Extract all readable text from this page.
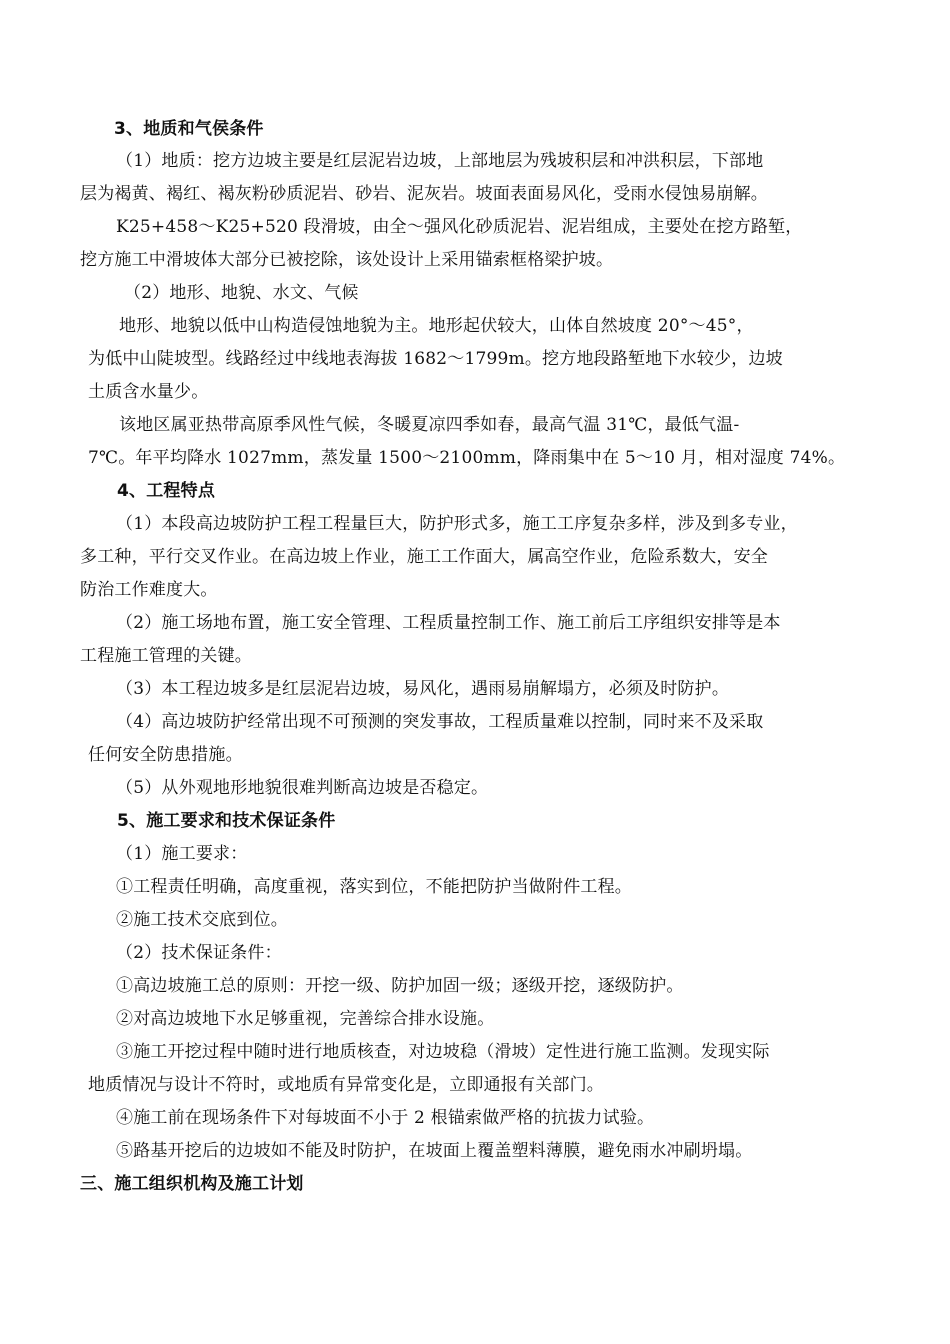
3、地质和气侯条件
（1）地质：挖方边坡主要是红层泥岩边坡，上部地层为残坡积层和冲洪积层，下部地
层为褐黄、褐红、褐灰粉砂质泥岩、砂岩、泥灰岩。坡面表面易风化，受雨水侵蚀易崩解。
K25+458～K25+520 段滑坡，由全～强风化砂质泥岩、泥岩组成，主要处在挖方路堑，
挖方施工中滑坡体大部分已被挖除，该处设计上采用锚索框格梁护坡。
（2）地形、地貌、水文、气候
地形、地貌以低中山构造侵蚀地貌为主。地形起伏较大，山体自然坡度 20°～45°，
为低中山陡坡型。线路经过中线地表海拔 1682～1799m。挖方地段路堑地下水较少，边坡
土质含水量少。
该地区属亚热带高原季风性气候，冬暖夏凉四季如春，最高气温 31℃，最低气温-
7℃。年平均降水 1027mm，蒸发量 1500～2100mm，降雨集中在 5～10 月，相对湿度 74%。
4、工程特点
（1）本段高边坡防护工程工程量巨大，防护形式多，施工工序复杂多样，涉及到多专业，
多工种，平行交叉作业。在高边坡上作业，施工工作面大，属高空作业，危险系数大，安全
防治工作难度大。
（2）施工场地布置，施工安全管理、工程质量控制工作、施工前后工序组织安排等是本
工程施工管理的关键。
（3）本工程边坡多是红层泥岩边坡，易风化，遇雨易崩解塌方，必须及时防护。
（4）高边坡防护经常出现不可预测的突发事故，工程质量难以控制，同时来不及采取
任何安全防患措施。
（5）从外观地形地貌很难判断高边坡是否稳定。
5、施工要求和技术保证条件
（1）施工要求：
①工程责任明确，高度重视，落实到位，不能把防护当做附件工程。
②施工技术交底到位。
（2）技术保证条件：
①高边坡施工总的原则：开挖一级、防护加固一级；逐级开挖，逐级防护。
②对高边坡地下水足够重视，完善综合排水设施。
③施工开挖过程中随时进行地质核查，对边坡稳（滑坡）定性进行施工监测。发现实际
地质情况与设计不符时，或地质有异常变化是，立即通报有关部门。
④施工前在现场条件下对每坡面不小于 2 根锚索做严格的抗拔力试验。
⑤路基开挖后的边坡如不能及时防护，在坡面上覆盖塑料薄膜，避免雨水冲刷坍塌。
三、施工组织机构及施工计划
